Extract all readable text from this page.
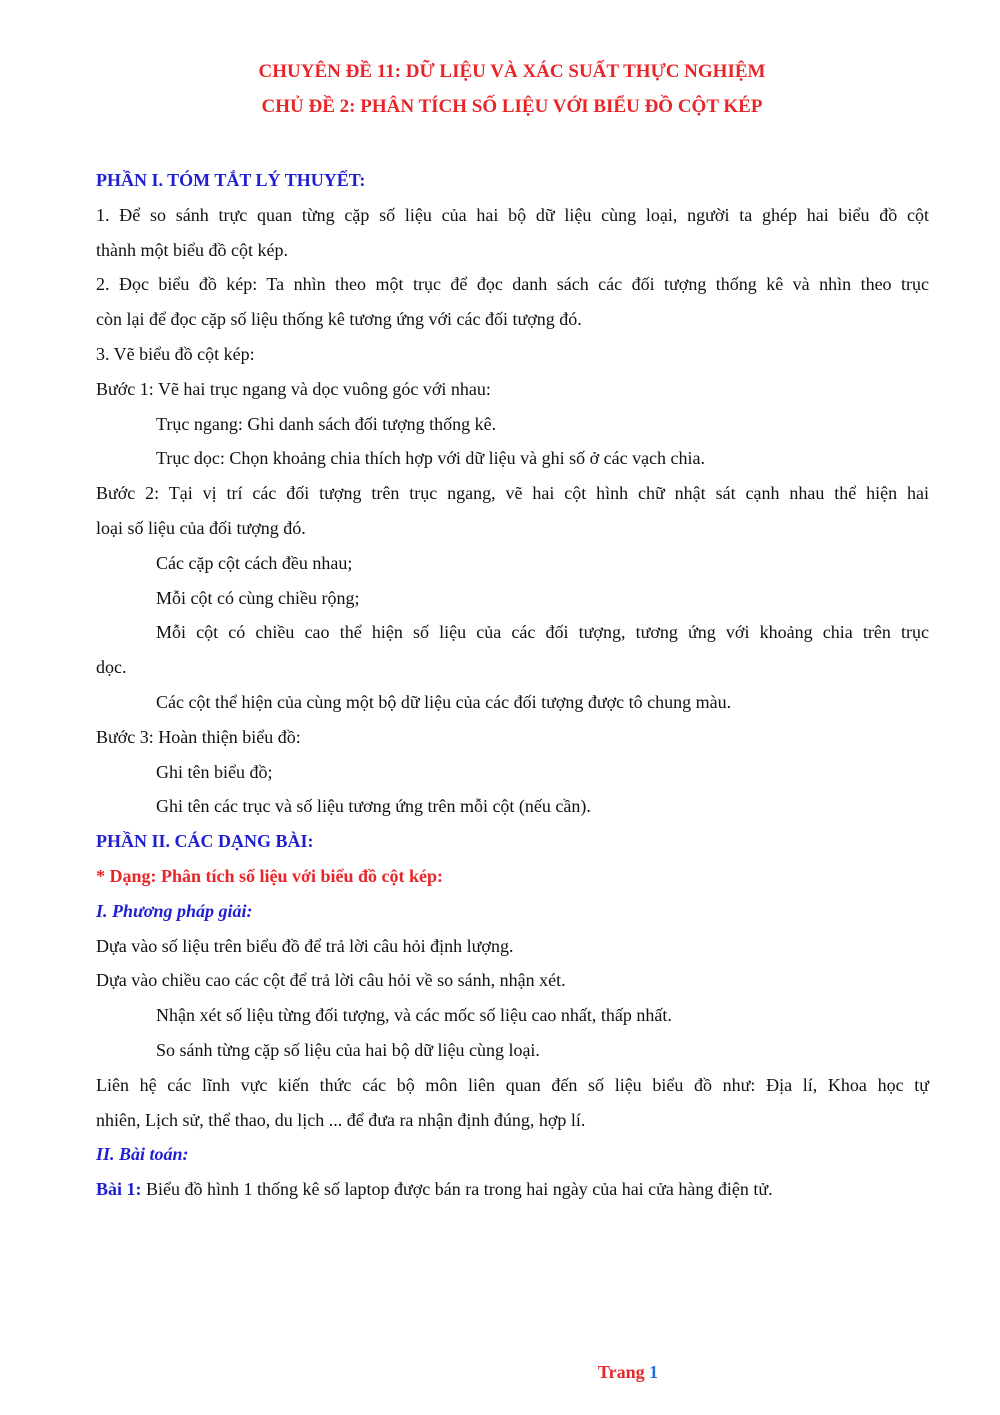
CHUYÊN ĐỀ 11: DỮ LIỆU VÀ XÁC SUẤT THỰC NGHIỆM
CHỦ ĐỀ 2: PHÂN TÍCH SỐ LIỆU VỚI BIỂU ĐỒ CỘT KÉP
PHẦN I. TÓM TẮT LÝ THUYẾT:
1. Để so sánh trực quan từng cặp số liệu của hai bộ dữ liệu cùng loại, người ta ghép hai biểu đồ cột
thành một biểu đồ cột kép.
2. Đọc biểu đồ kép: Ta nhìn theo một trục để đọc danh sách các đối tượng thống kê và nhìn theo trục
còn lại để đọc cặp số liệu thống kê tương ứng với các đối tượng đó.
3. Vẽ biểu đồ cột kép:
Bước 1: Vẽ hai trục ngang và dọc vuông góc với nhau:
Trục ngang: Ghi danh sách đối tượng thống kê.
Trục dọc: Chọn khoảng chia thích hợp với dữ liệu và ghi số ở các vạch chia.
Bước 2: Tại vị trí các đối tượng trên trục ngang, vẽ hai cột hình chữ nhật sát cạnh nhau thể hiện hai
loại số liệu của đối tượng đó.
Các cặp cột cách đều nhau;
Mỗi cột có cùng chiều rộng;
Mỗi cột có chiều cao thể hiện số liệu của các đối tượng, tương ứng với khoảng chia trên trục
dọc.
Các cột thể hiện của cùng một bộ dữ liệu của các đối tượng được tô chung màu.
Bước 3: Hoàn thiện biểu đồ:
Ghi tên biểu đồ;
Ghi tên các trục và số liệu tương ứng trên mỗi cột (nếu cần).
PHẦN II. CÁC DẠNG BÀI:
* Dạng: Phân tích số liệu với biểu đồ cột kép:
I. Phương pháp giải:
Dựa vào số liệu trên biểu đồ để trả lời câu hỏi định lượng.
Dựa vào chiều cao các cột để trả lời câu hỏi về so sánh, nhận xét.
Nhận xét số liệu từng đối tượng, và các mốc số liệu cao nhất, thấp nhất.
So sánh từng cặp số liệu của hai bộ dữ liệu cùng loại.
Liên hệ các lĩnh vực kiến thức các bộ môn liên quan đến số liệu biểu đồ như: Địa lí, Khoa học tự
nhiên, Lịch sử, thể thao, du lịch ... để đưa ra nhận định đúng, hợp lí.
II. Bài toán:
Bài 1: Biểu đồ hình 1 thống kê số laptop được bán ra trong hai ngày của hai cửa hàng điện tử.
Trang 1
